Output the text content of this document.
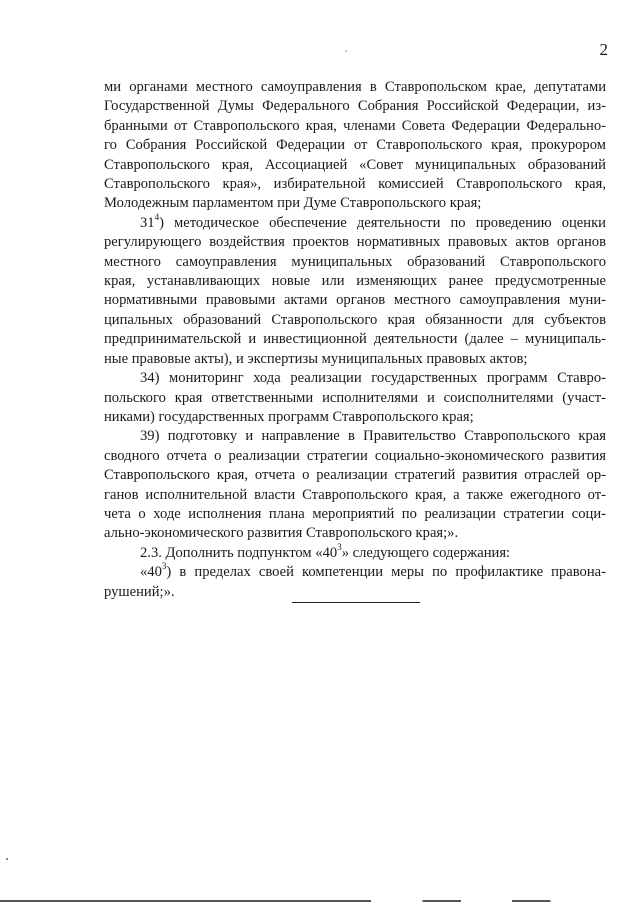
2
ми органами местного самоуправления в Ставропольском крае, депутатами
Государственной Думы Федерального Собрания Российской Федерации, из-
бранными от Ставропольского края, членами Совета Федерации Федерально-
го Собрания Российской Федерации от Ставропольского края, прокурором
Ставропольского края, Ассоциацией «Совет муниципальных образований
Ставропольского края», избирательной комиссией Ставропольского края,
Молодежным парламентом при Думе Ставропольского края;
$31^4$) методическое обеспечение деятельности по проведению оценки
регулирующего воздействия проектов нормативных правовых актов органов
местного самоуправления муниципальных образований Ставропольского
края, устанавливающих новые или изменяющих ранее предусмотренные
нормативными правовыми актами органов местного самоуправления муни-
ципальных образований Ставропольского края обязанности для субъектов
предпринимательской и инвестиционной деятельности (далее – муниципаль-
ные правовые акты), и экспертизы муниципальных правовых актов;
34) мониторинг хода реализации государственных программ Ставро-
польского края ответственными исполнителями и соисполнителями (участ-
никами) государственных программ Ставропольского края;
39) подготовку и направление в Правительство Ставропольского края
сводного отчета о реализации стратегии социально-экономического развития
Ставропольского края, отчета о реализации стратегий развития отраслей ор-
ганов исполнительной власти Ставропольского края, а также ежегодного от-
чета о ходе исполнения плана мероприятий по реализации стратегии соци-
ально-экономического развития Ставропольского края;».
2.3. Дополнить подпунктом «$40^3$» следующего содержания:
«$40^3$) в пределах своей компетенции меры по профилактике правона-
рушений;».
